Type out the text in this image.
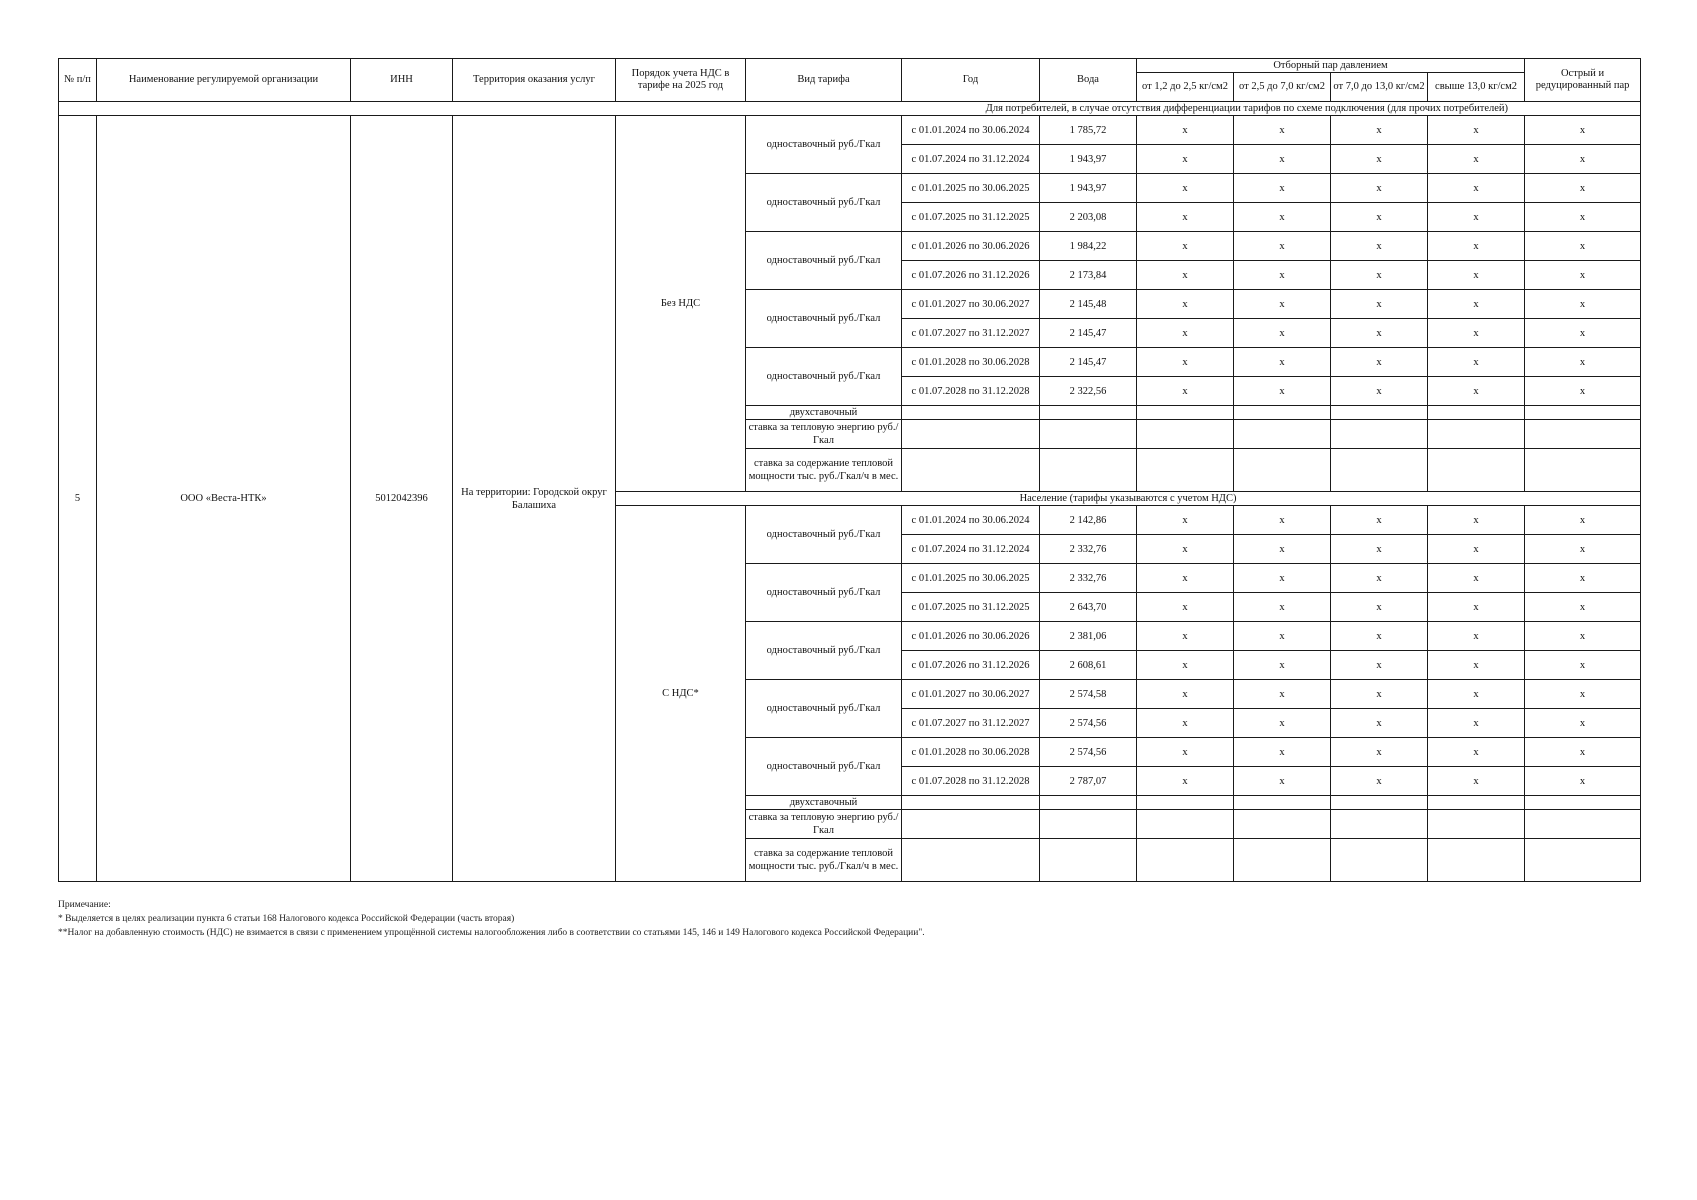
№ п/п	Наименование регулируемой организации	ИНН	Территория оказания услуг	Порядок учета НДС в тарифе на 2025 год	Вид тарифа	Год	Вода	Отборный пар давлением				Острый и редуцированный пар
								от 1,2 до 2,5 кг/см2	от 2,5 до 7,0 кг/см2	от 7,0 до 13,0 кг/см2	свыше 13,0 кг/см2	
Для потребителей, в случае отсутствия дифференциации тарифов по схеме подключения (для прочих потребителей)												
5	ООО «Веста-НТК»	5012042396	На территории: Городской округ Балашиха	Без НДС	одноставочный руб./Гкал	с 01.01.2024 по 30.06.2024	1 785,72	x	x	x	x	x
						с 01.07.2024 по 31.12.2024	1 943,97	x	x	x	x	x
					одноставочный руб./Гкал	с 01.01.2025 по 30.06.2025	1 943,97	x	x	x	x	x
						с 01.07.2025 по 31.12.2025	2 203,08	x	x	x	x	x
					одноставочный руб./Гкал	с 01.01.2026 по 30.06.2026	1 984,22	x	x	x	x	x
						с 01.07.2026 по 31.12.2026	2 173,84	x	x	x	x	x
					одноставочный руб./Гкал	с 01.01.2027 по 30.06.2027	2 145,48	x	x	x	x	x
						с 01.07.2027 по 31.12.2027	2 145,47	x	x	x	x	x
					одноставочный руб./Гкал	с 01.01.2028 по 30.06.2028	2 145,47	x	x	x	x	x
						с 01.07.2028 по 31.12.2028	2 322,56	x	x	x	x	x
					двухставочный							
					ставка за тепловую энергию руб./Гкал							
					ставка за содержание тепловой мощности тыс. руб./Гкал/ч в мес.							
				Население (тарифы указываются с учетом НДС)								
				С НДС*	одноставочный руб./Гкал	с 01.01.2024 по 30.06.2024	2 142,86	x	x	x	x	x
						с 01.07.2024 по 31.12.2024	2 332,76	x	x	x	x	x
					одноставочный руб./Гкал	с 01.01.2025 по 30.06.2025	2 332,76	x	x	x	x	x
						с 01.07.2025 по 31.12.2025	2 643,70	x	x	x	x	x
					одноставочный руб./Гкал	с 01.01.2026 по 30.06.2026	2 381,06	x	x	x	x	x
						с 01.07.2026 по 31.12.2026	2 608,61	x	x	x	x	x
					одноставочный руб./Гкал	с 01.01.2027 по 30.06.2027	2 574,58	x	x	x	x	x
						с 01.07.2027 по 31.12.2027	2 574,56	x	x	x	x	x
					одноставочный руб./Гкал	с 01.01.2028 по 30.06.2028	2 574,56	x	x	x	x	x
						с 01.07.2028 по 31.12.2028	2 787,07	x	x	x	x	x
					двухставочный							
					ставка за тепловую энергию руб./Гкал							
					ставка за содержание тепловой мощности тыс. руб./Гкал/ч в мес.							
Примечание:
* Выделяется в целях реализации пункта 6 статьи 168 Налогового кодекса Российской Федерации (часть вторая)
**Налог на добавленную стоимость (НДС) не взимается в связи с применением упрощённой системы налогообложения либо в соответствии со статьями 145, 146 и 149 Налогового кодекса Российской Федерации".
